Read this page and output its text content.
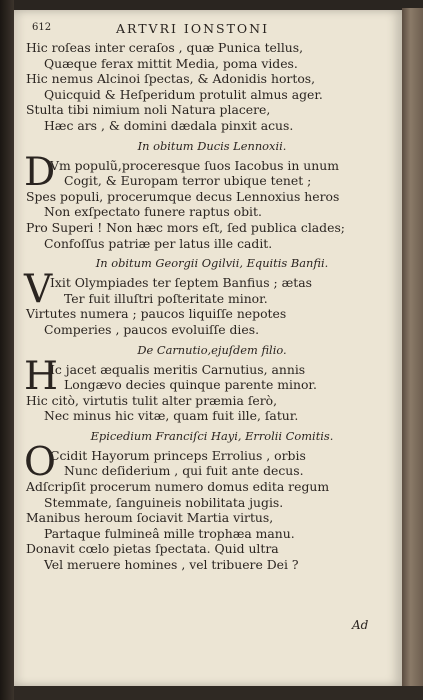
612	ARTVRI IONSTONI
Hic roſeas inter ceraſos , quæ Punica tellus,
Quæque ferax mittit Media, poma vides.
Hic nemus Alcinoi ſpectas, & Adonidis hortos,
Quicquid & Heſperidum protulit almus ager.
Stulta tibi nimium noli Natura placere,
Hæc ars , & domini dædala pinxit acus.
In obitum Ducis Lennoxii.
D
Vm populũ,proceresque ſuos Iacobus in unum
Cogit, & Europam terror ubique tenet ;
Spes populi, procerumque decus Lennoxius heros
Non exſpectato funere raptus obit.
Pro Superi ! Non hæc mors eſt, ſed publica clades;
Confoſſus patriæ per latus ille cadit.
In obitum Georgii Ogilvii, Equitis Banfii.
V
Ixit Olympiades ter ſeptem Banfius ; ætas
Ter fuit illuſtri poſteritate minor.
Virtutes numera ; paucos liquiſſe nepotes
Comperies , paucos evoluiſſe dies.
De Carnutio,ejuſdem filio.
H
Ic jacet æqualis meritis Carnutius, annis
Longævo decies quinque parente minor.
Hic citò, virtutis tulit alter præmia ſerò,
Nec minus hic vitæ, quam fuit ille, ſatur.
Epicedium Franciſci Hayi, Errolii Comitis.
O
Ccidit Hayorum princeps Errolius , orbis
Nunc deſiderium , qui fuit ante decus.
Adſcripſit procerum numero domus edita regum
Stemmate, ſanguineis nobilitata jugis.
Manibus heroum ſociavit Martia virtus,
Partaque fulmineâ mille trophæa manu.
Donavit cœlo pietas ſpectata. Quid ultra
Vel meruere homines , vel tribuere Dei ?
Ad
